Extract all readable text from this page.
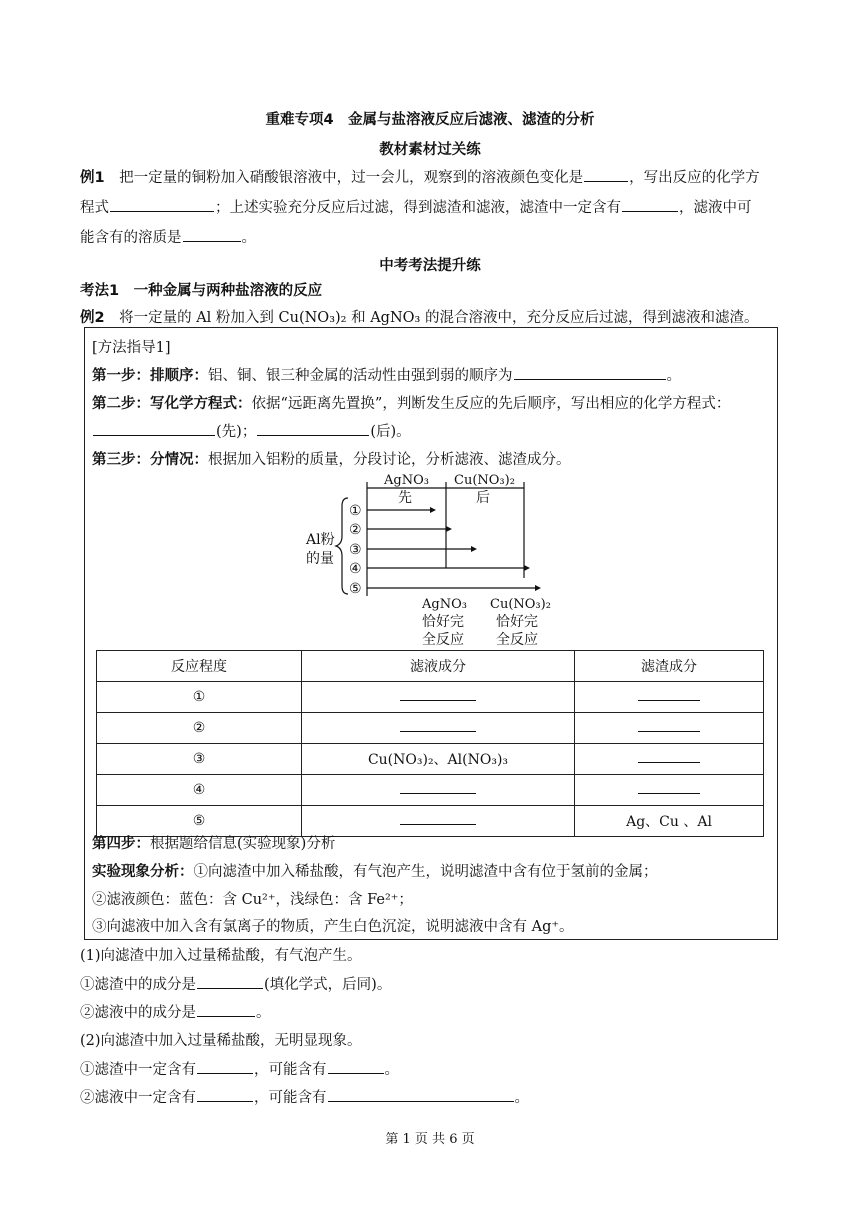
重难专项4　金属与盐溶液反应后滤液、滤渣的分析
教材素材过关练
例1　把一定量的铜粉加入硝酸银溶液中，过一会儿，观察到的溶液颜色变化是	，写出反应的化学方
程式	；上述实验充分反应后过滤，得到滤渣和滤液，滤渣中一定含有	，滤液中可
能含有的溶质是	。
中考考法提升练
考法1　一种金属与两种盐溶液的反应
例2　将一定量的 Al 粉加入到 Cu(NO₃)₂ 和 AgNO₃ 的混合溶液中，充分反应后过滤，得到滤液和滤渣。
[方法指导1]
第一步：排顺序：铝、铜、银三种金属的活动性由强到弱的顺序为	。
第二步：写化学方程式：依据“远距离先置换”，判断发生反应的先后顺序，写出相应的化学方程式：
(先)；	(后)。
第三步：分情况：根据加入铝粉的质量，分段讨论，分析滤液、滤渣成分。
AgNO₃
先
Cu(NO₃)₂
后
Al粉
的量
①
②
③
④
⑤
AgNO₃
恰好完
全反应
Cu(NO₃)₂
恰好完
全反应
反应程度	滤液成分	滤渣成分
①		
②		
③	Cu(NO₃)₂、Al(NO₃)₃	
④		
⑤		Ag、Cu 、Al
第四步：根据题给信息(实验现象)分析
实验现象分析：①向滤渣中加入稀盐酸，有气泡产生，说明滤渣中含有位于氢前的金属；
②滤液颜色：蓝色：含 Cu²⁺，浅绿色：含 Fe²⁺；
③向滤液中加入含有氯离子的物质，产生白色沉淀，说明滤液中含有 Ag⁺。
(1)向滤渣中加入过量稀盐酸，有气泡产生。
①滤渣中的成分是	(填化学式，后同)。
②滤液中的成分是	。
(2)向滤渣中加入过量稀盐酸，无明显现象。
①滤渣中一定含有	，可能含有	。
②滤液中一定含有	，可能含有	。
第 1 页 共 6 页
